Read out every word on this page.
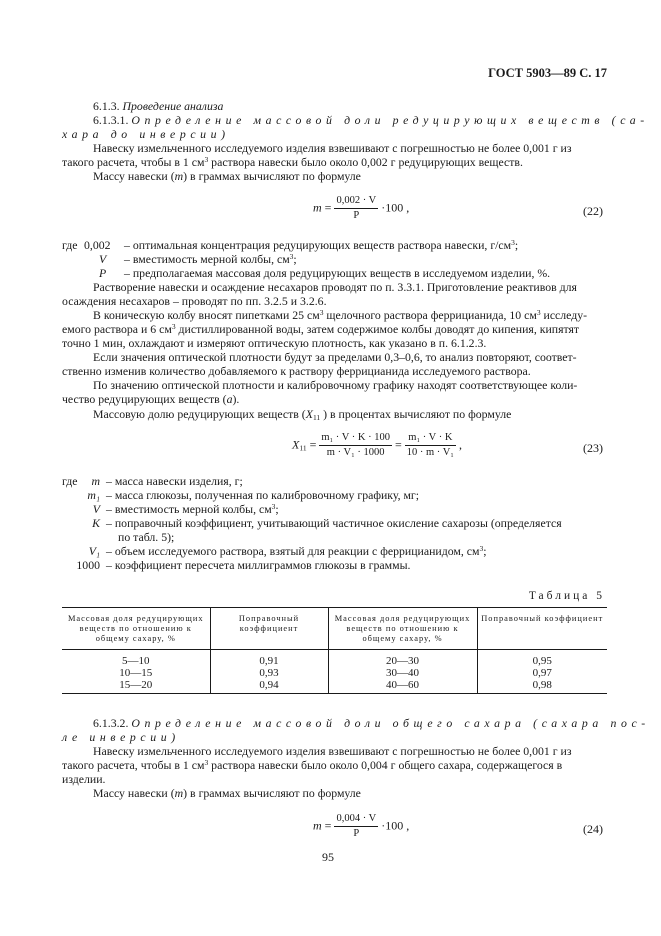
ГОСТ 5903—89 С. 17
6.1.3. Проведение анализа
6.1.3.1. Определение массовой доли редуцирующих веществ (са-
хара до инверсии)
Навеску измельченного исследуемого изделия взвешивают с погрешностью не более 0,001 г из
такого расчета, чтобы в 1 $см^3$ раствора навески было около 0,002 г редуцирующих веществ.
Массу навески (m) в граммах вычисляют по формуле
$m = \frac{0,002 \cdot V}{P} \cdot 100$ ,	(22)
где 0,002 – оптимальная концентрация редуцирующих веществ раствора навески, $г/см^3$;
V – вместимость мерной колбы, $см^3$;
P – предполагаемая массовая доля редуцирующих веществ в исследуемом изделии, %.
Растворение навески и осаждение несахаров проводят по п. 3.3.1. Приготовление реактивов для
осаждения несахаров – проводят по пп. 3.2.5 и 3.2.6.
В коническую колбу вносят пипетками 25 $см^3$ щелочного раствора феррицианида, 10 $см^3$ исследу-
емого раствора и 6 $см^3$ дистиллированной воды, затем содержимое колбы доводят до кипения, кипятят
точно 1 мин, охлаждают и измеряют оптическую плотность, как указано в п. 6.1.2.3.
Если значения оптической плотности будут за пределами 0,3–0,6, то анализ повторяют, соответ-
ственно изменив количество добавляемого к раствору феррицианида исследуемого раствора.
По значению оптической плотности и калибровочному графику находят соответствующее коли-
чество редуцирующих веществ (a).
Массовую долю редуцирующих веществ ($X_{11}$ ) в процентах вычисляют по формуле
$X_{11} = \frac{\text{m₁ · V · K · 100}}{\text{m · V₁ · 1000}} = \frac{\text{m₁ · V · K}}{\text{10 · m · V₁}}$ ,	(23)
где	m – масса навески изделия, г;
m₁ – масса глюкозы, полученная по калибровочному графику, мг;
V – вместимость мерной колбы, $см^3$;
K – поправочный коэффициент, учитывающий частичное окисление сахарозы (определяется
по табл. 5);
V₁ – объем исследуемого раствора, взятый для реакции с феррицианидом, $см^3$;
1000 – коэффициент пересчета миллиграммов глюкозы в граммы.
Таблица 5
Массовая доля редуцирующих веществ по отношению к общему сахару, %	Поправочный коэффициент	Массовая доля редуцирующих веществ по отношению к общему сахару, %	Поправочный коэффициент
5—10	0,91	20—30	0,95
10—15	0,93	30—40	0,97
15—20	0,94	40—60	0,98
6.1.3.2. Определение массовой доли общего сахара (сахара пос-
ле инверсии)
Навеску измельченного исследуемого изделия взвешивают с погрешностью не более 0,001 г из
такого расчета, чтобы в 1 $см^3$ раствора навески было около 0,004 г общего сахара, содержащегося в
изделии.
Массу навески (m) в граммах вычисляют по формуле
$m = \frac{0,004 \cdot V}{P} \cdot 100$ ,	(24)
95
